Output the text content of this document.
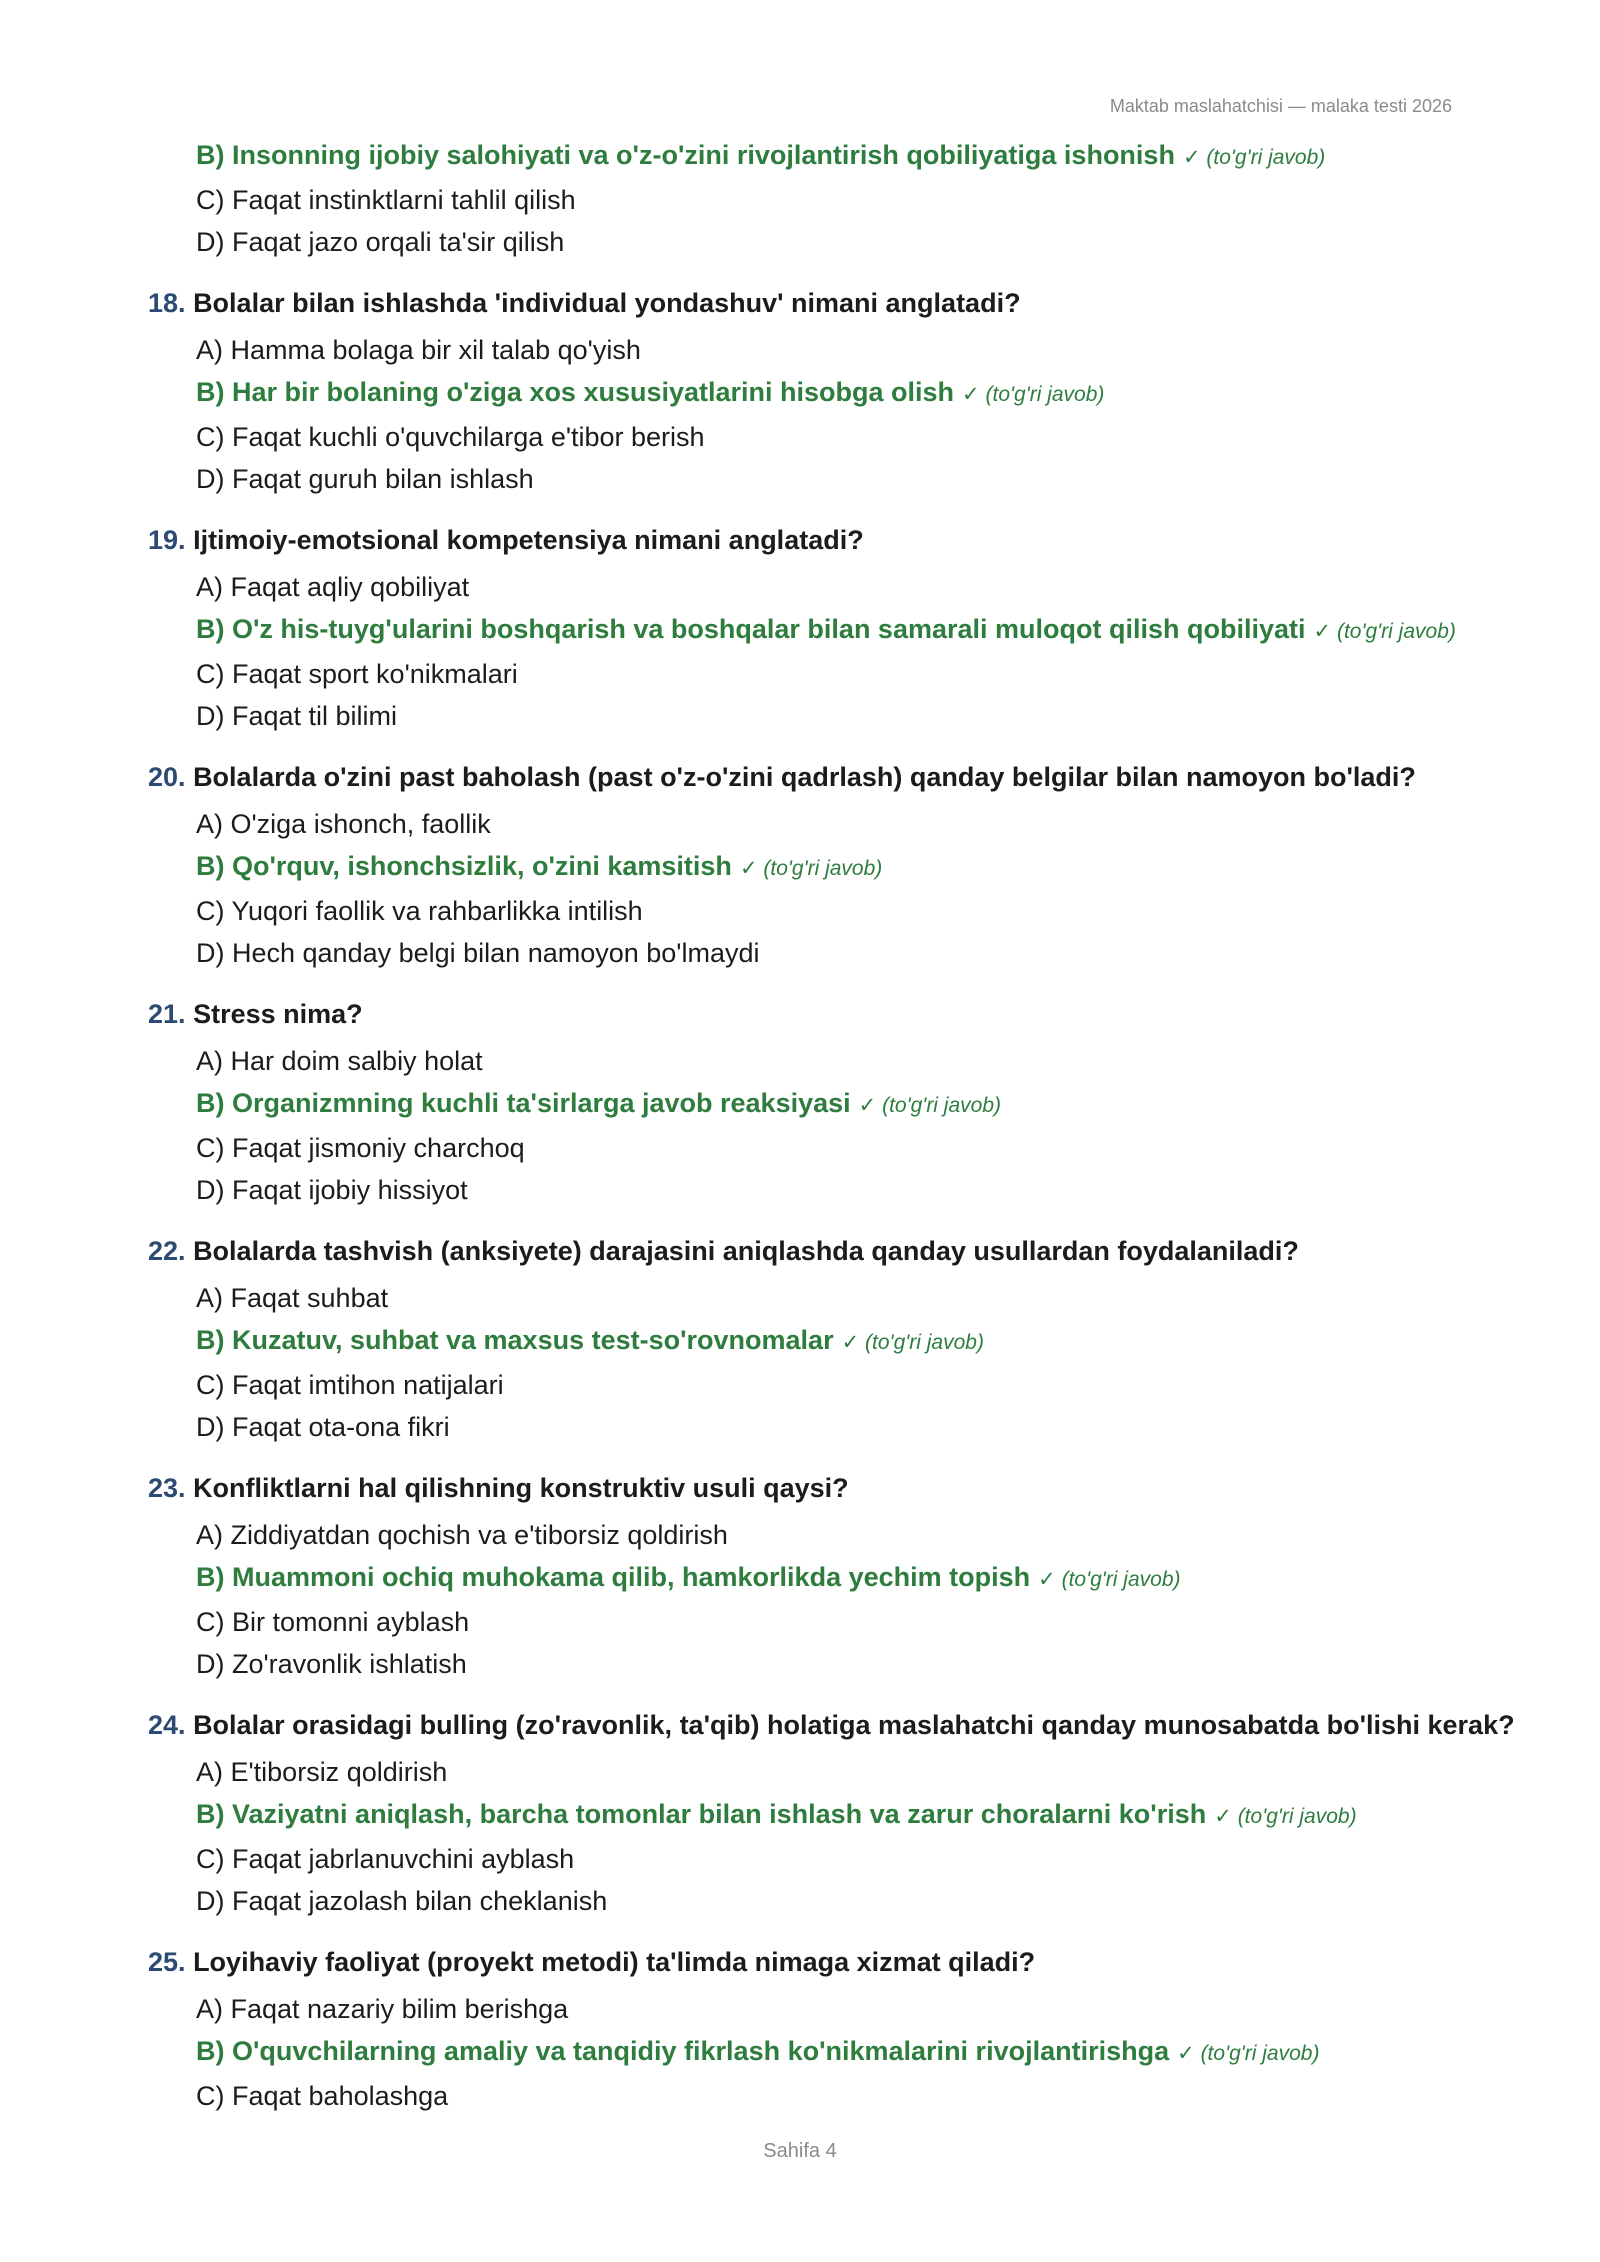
Maktab maslahatchisi — malaka testi 2026
B) Insonning ijobiy salohiyati va o'z-o'zini rivojlantirish qobiliyatiga ishonish ✓ (to'g'ri javob)
C) Faqat instinktlarni tahlil qilish
D) Faqat jazo orqali ta'sir qilish
18. Bolalar bilan ishlashda 'individual yondashuv' nimani anglatadi?
A) Hamma bolaga bir xil talab qo'yish
B) Har bir bolaning o'ziga xos xususiyatlarini hisobga olish ✓ (to'g'ri javob)
C) Faqat kuchli o'quvchilarga e'tibor berish
D) Faqat guruh bilan ishlash
19. Ijtimoiy-emotsional kompetensiya nimani anglatadi?
A) Faqat aqliy qobiliyat
B) O'z his-tuyg'ularini boshqarish va boshqalar bilan samarali muloqot qilish qobiliyati ✓ (to'g'ri javob)
C) Faqat sport ko'nikmalari
D) Faqat til bilimi
20. Bolalarda o'zini past baholash (past o'z-o'zini qadrlash) qanday belgilar bilan namoyon bo'ladi?
A) O'ziga ishonch, faollik
B) Qo'rquv, ishonchsizlik, o'zini kamsitish ✓ (to'g'ri javob)
C) Yuqori faollik va rahbarlikka intilish
D) Hech qanday belgi bilan namoyon bo'lmaydi
21. Stress nima?
A) Har doim salbiy holat
B) Organizmning kuchli ta'sirlarga javob reaksiyasi ✓ (to'g'ri javob)
C) Faqat jismoniy charchoq
D) Faqat ijobiy hissiyot
22. Bolalarda tashvish (anksiyete) darajasini aniqlashda qanday usullardan foydalaniladi?
A) Faqat suhbat
B) Kuzatuv, suhbat va maxsus test-so'rovnomalar ✓ (to'g'ri javob)
C) Faqat imtihon natijalari
D) Faqat ota-ona fikri
23. Konfliktlarni hal qilishning konstruktiv usuli qaysi?
A) Ziddiyatdan qochish va e'tiborsiz qoldirish
B) Muammoni ochiq muhokama qilib, hamkorlikda yechim topish ✓ (to'g'ri javob)
C) Bir tomonni ayblash
D) Zo'ravonlik ishlatish
24. Bolalar orasidagi bulling (zo'ravonlik, ta'qib) holatiga maslahatchi qanday munosabatda bo'lishi kerak?
A) E'tiborsiz qoldirish
B) Vaziyatni aniqlash, barcha tomonlar bilan ishlash va zarur choralarni ko'rish ✓ (to'g'ri javob)
C) Faqat jabrlanuvchini ayblash
D) Faqat jazolash bilan cheklanish
25. Loyihaviy faoliyat (proyekt metodi) ta'limda nimaga xizmat qiladi?
A) Faqat nazariy bilim berishga
B) O'quvchilarning amaliy va tanqidiy fikrlash ko'nikmalarini rivojlantirishga ✓ (to'g'ri javob)
C) Faqat baholashga
Sahifa 4
